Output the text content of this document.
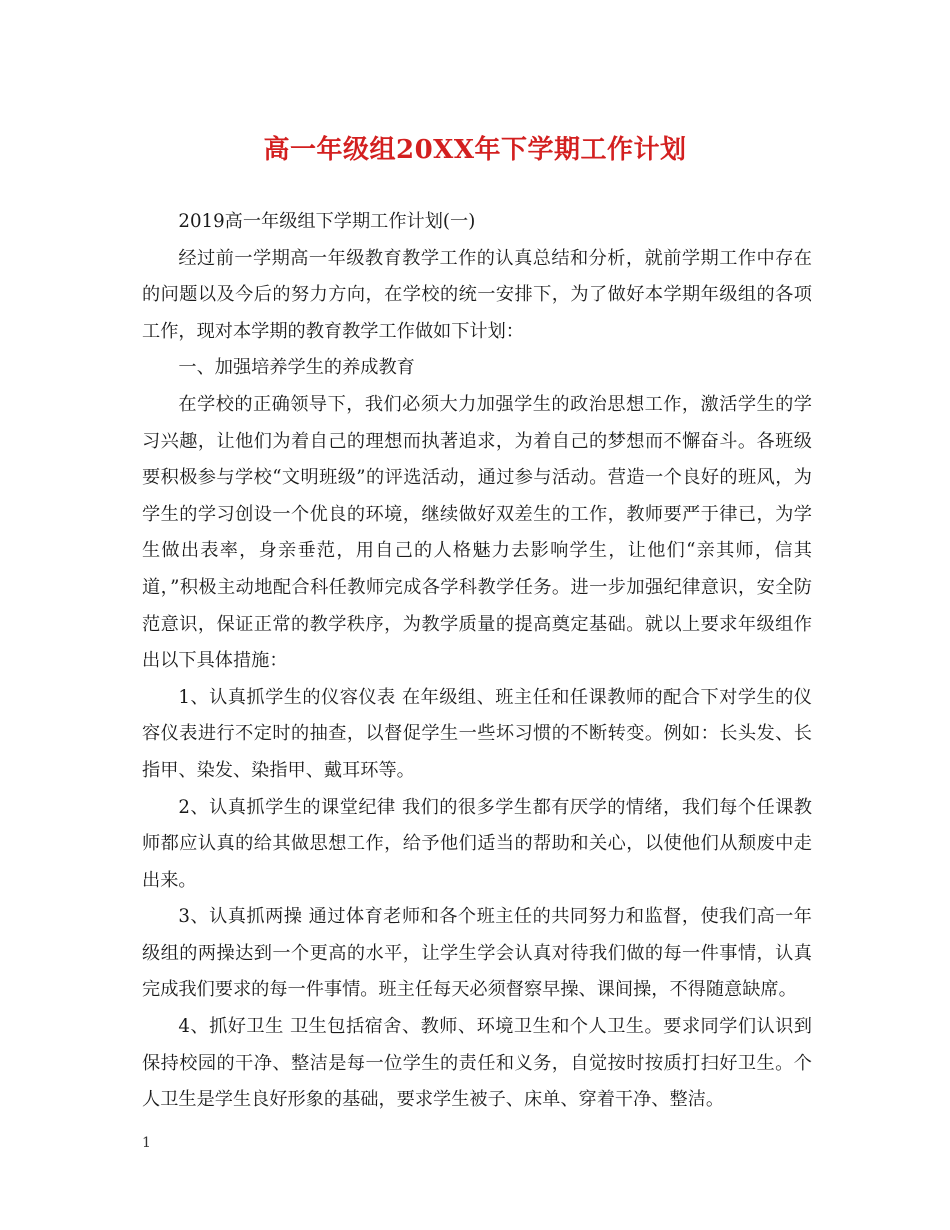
高一年级组20XX年下学期工作计划

2019高一年级组下学期工作计划(一)

经过前一学期高一年级教育教学工作的认真总结和分析，就前学期工作中存在的问题以及今后的努力方向，在学校的统一安排下，为了做好本学期年级组的各项工作，现对本学期的教育教学工作做如下计划：

一、加强培养学生的养成教育

在学校的正确领导下，我们必须大力加强学生的政治思想工作，激活学生的学习兴趣，让他们为着自己的理想而执著追求，为着自己的梦想而不懈奋斗。各班级要积极参与学校“文明班级”的评选活动，通过参与活动。营造一个良好的班风，为学生的学习创设一个优良的环境，继续做好双差生的工作，教师要严于律已，为学生做出表率，身亲垂范，用自己的人格魅力去影响学生，让他们“亲其师，信其道，”积极主动地配合科任教师完成各学科教学任务。进一步加强纪律意识，安全防范意识，保证正常的教学秩序，为教学质量的提高奠定基础。就以上要求年级组作出以下具体措施：

1、认真抓学生的仪容仪表 在年级组、班主任和任课教师的配合下对学生的仪容仪表进行不定时的抽查，以督促学生一些坏习惯的不断转变。例如：长头发、长指甲、染发、染指甲、戴耳环等。

2、认真抓学生的课堂纪律 我们的很多学生都有厌学的情绪，我们每个任课教师都应认真的给其做思想工作，给予他们适当的帮助和关心，以使他们从颓废中走出来。

3、认真抓两操 通过体育老师和各个班主任的共同努力和监督，使我们高一年级组的两操达到一个更高的水平，让学生学会认真对待我们做的每一件事情，认真完成我们要求的每一件事情。班主任每天必须督察早操、课间操，不得随意缺席。

4、抓好卫生 卫生包括宿舍、教师、环境卫生和个人卫生。要求同学们认识到保持校园的干净、整洁是每一位学生的责任和义务，自觉按时按质打扫好卫生。个人卫生是学生良好形象的基础，要求学生被子、床单、穿着干净、整洁。

1
